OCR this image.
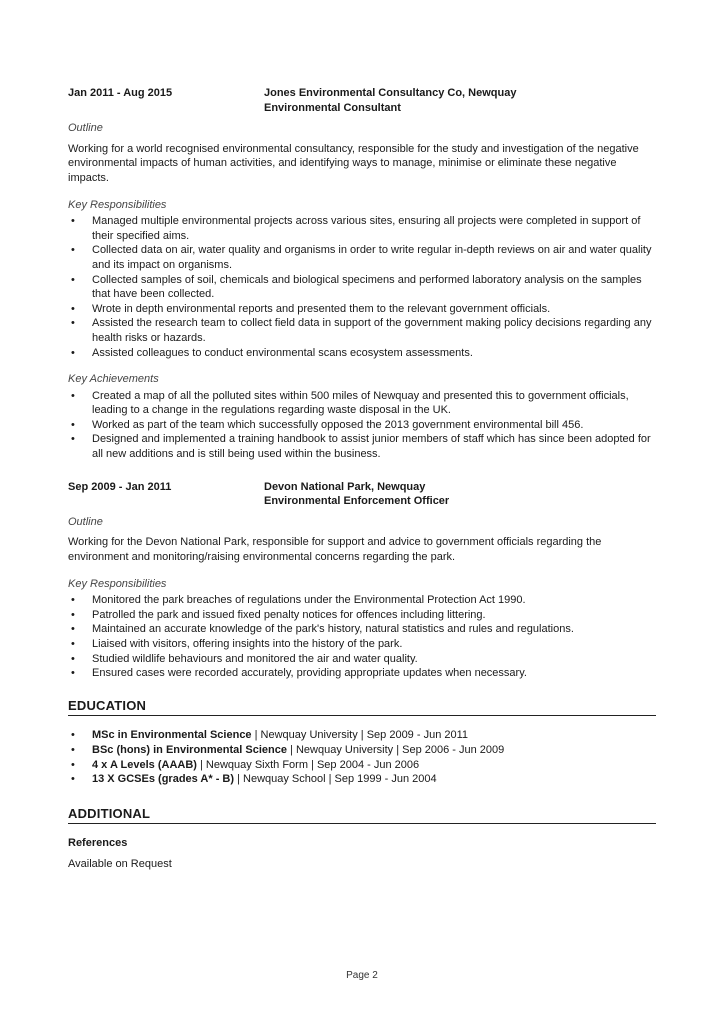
Jan 2011 - Aug 2015	Jones Environmental Consultancy Co, Newquay
Environmental Consultant
Outline
Working for a world recognised environmental consultancy, responsible for the study and investigation of the negative environmental impacts of human activities, and identifying ways to manage, minimise or eliminate these negative impacts.
Key Responsibilities
• Managed multiple environmental projects across various sites, ensuring all projects were completed in support of their specified aims.
• Collected data on air, water quality and organisms in order to write regular in-depth reviews on air and water quality and its impact on organisms.
• Collected samples of soil, chemicals and biological specimens and performed laboratory analysis on the samples that have been collected.
• Wrote in depth environmental reports and presented them to the relevant government officials.
• Assisted the research team to collect field data in support of the government making policy decisions regarding any health risks or hazards.
• Assisted colleagues to conduct environmental scans ecosystem assessments.
Key Achievements
• Created a map of all the polluted sites within 500 miles of Newquay and presented this to government officials, leading to a change in the regulations regarding waste disposal in the UK.
• Worked as part of the team which successfully opposed the 2013 government environmental bill 456.
• Designed and implemented a training handbook to assist junior members of staff which has since been adopted for all new additions and is still being used within the business.
Sep 2009 - Jan 2011	Devon National Park, Newquay
Environmental Enforcement Officer
Outline
Working for the Devon National Park, responsible for support and advice to government officials regarding the environment and monitoring/raising environmental concerns regarding the park.
Key Responsibilities
• Monitored the park breaches of regulations under the Environmental Protection Act 1990.
• Patrolled the park and issued fixed penalty notices for offences including littering.
• Maintained an accurate knowledge of the park's history, natural statistics and rules and regulations.
• Liaised with visitors, offering insights into the history of the park.
• Studied wildlife behaviours and monitored the air and water quality.
• Ensured cases were recorded accurately, providing appropriate updates when necessary.
EDUCATION
• MSc in Environmental Science | Newquay University | Sep 2009 - Jun 2011
• BSc (hons) in Environmental Science | Newquay University | Sep 2006 - Jun 2009
• 4 x A Levels (AAAB) | Newquay Sixth Form | Sep 2004 - Jun 2006
• 13 X GCSEs (grades A* - B) | Newquay School | Sep 1999 - Jun 2004
ADDITIONAL
References
Available on Request
Page 2
